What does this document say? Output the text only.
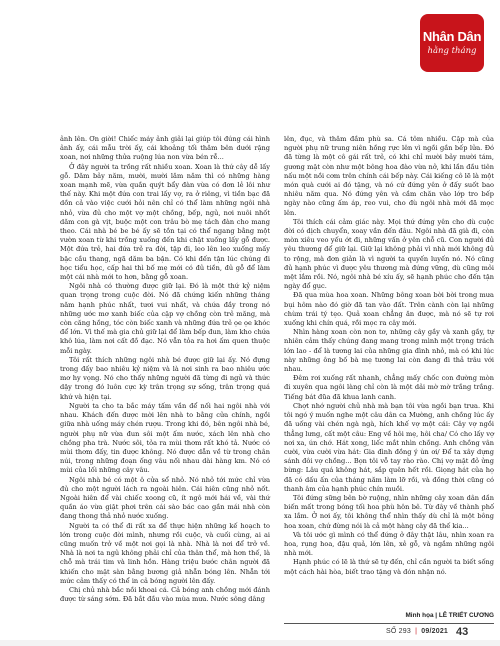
Nhân Dân
hằng tháng

ảnh lên. Ơn giời! Chiếc máy ảnh giải lại giúp tôi đúng cái hình ảnh ấy, cái mẫu trời ấy, cái khoảng tối thăm bên dưới rặng xoan, nơi những thửa ruộng lúa non vừa bén rễ...

Ở đây người ta trồng rất nhiều xoan. Xoan là thứ cây dễ lấy gỗ. Dăm bảy năm, mười, mười lăm năm thì có những hàng xoan mạnh mẽ, vừa quần quýt bẩy đàn vừa có đơn lẻ lôi như thế này. Khi một đứa con trai lấy vợ, ra ở riêng, vì tiền bạc đã dồn cả vào việc cưới hỏi nên chỉ có thể làm những ngôi nhà nhỏ, vừa đủ cho một vợ một chồng, bếp, ngủ, nơi nuôi nhốt dăm con gà vịt, buộc một con trâu bò mẹ tách đàn cho mang theo. Cái nhà bé be bé ấy sẽ tồn tại có thể ngang bằng một vườn xoan từ khi trồng xuống đến khi chặt xuống lấy gỗ được. Một đứa trẻ, hai đứa trẻ ra đời, tập đi, leo lên leo xuống mấy bậc cầu thang, ngã dăm ba bận. Có khi đến tận lúc chúng đi học tiểu học, cấp hai thì bố mẹ mới có đủ tiền, đủ gỗ để làm một cái nhà mới to hơn, bằng gỗ xoan.

Ngôi nhà có thường được giữ lại. Đó là một thứ kỷ niệm quan trọng trong cuộc đời. Nó đã chứng kiến những tháng năm hạnh phúc nhất, tươi vui nhất, và chứa đầy trong nó những ước mơ xanh biếc của cặp vợ chồng còn trẻ măng, mà còn căng hồng, tóc còn biếc xanh và những đứa trẻ ọe ọe khóc để lớn. Vì thế mà gia chủ giữ lại để làm bếp đun, làm kho chứa khô lúa, làm nơi cất đồ đạc. Nó vẫn tỏa ra hơi ấm quen thuộc mỗi ngày.

Tôi rất thích những ngôi nhà bé được giữ lại ấy. Nó đựng trong đấy bao nhiêu kỷ niệm và là nơi sinh ra bao nhiêu ước mơ hy vọng. Nó cho thấy những người đã từng đi ngủ và thức dậy trong đó luôn cực kỳ trân trọng sự sống, trân trọng quá khứ và hiện tại.

Người ta cho ta bắc máy tấm vần để nối hai ngôi nhà với nhau. Khách đến được mời lên nhà to bằng cửa chính, ngồi giữa nhà uống máy chén rượu. Trong khi đó, bên ngôi nhà bé, người phụ nữ vừa đun sôi một ấm nước, xách lên nhà cho chồng pha trà. Nước sôi, tỏa ra mùi thơm rất khó tả. Nước có mùi thơm đấy, tin được không. Nó được dẫn về từ trong chân núi, trong những đoạn ống vâu nối nhau dài hàng km. Nó có mùi của lối những cây vâu.

Ngôi nhà bé có một ô cửa sổ nhỏ. Nó nhỏ tới mức chỉ vừa đủ cho một người lách ra ngoài hiên. Cái hiên cũng nhỏ nốt. Ngoài hiên để vài chiếc xoong cũ, ít ngô mới hái về, vài thứ quần áo vừa giặt phơi trên cái sào bác cao gần mái nhà còn đang thong thả nhỏ nước xuống.

Người ta có thể đi rất xa để thực hiện những kế hoạch to lớn trong cuộc đời mình, nhưng rồi cuộc, và cuối cùng, ai ai cũng muốn trở về một nơi gọi là nhà. Nhà là nơi để trở về. Nhà là nơi ta ngủ không phải chỉ của thân thể, mà hơn thế, là chỗ mà trái tim và linh hồn. Hàng triệu bước chân người đã khiến cho mặt sàn bằng bương giả nhẵn bóng lên. Nhẵn tới mức cảm thấy có thể in cả bóng người lên đấy.

Chị chủ nhà bắc nồi khoai cá. Cả bóng anh chồng mới đánh được từ sáng sớm. Đã bắt đầu vào mùa mưa. Nước sông dâng

lên, đục, và thăm đầm phù sa. Cá tôm nhiều. Cặp mà của người phụ nữ trung niên hồng rực lên vì ngồi gần bếp lửa. Đó đã từng là một cô gái rất trẻ, có khi chỉ mười bảy mười tám, gương mặt còn như một bông hoa đào vừa nở, khi lần đầu tiên nấu một nồi cơm trên chính cái bếp này. Cái kiếng cô lẽ là một món quà cưới ai đó tặng, và nó cứ đứng yên ở đấy suốt bao nhiêu năm qua. Nó đứng yên và cầm chăn vào lớp tro bếp ngày nào cũng ấm áp, reo vui, cho đù ngôi nhà mới đã mọc lên.

Tôi thích cái cảm giác này. Mọi thứ đứng yên cho dù cuộc đời có dịch chuyển, xoay vần đến đâu. Ngôi nhà đã già đi, còn mòn xiêu veo yếu ớt đi, những vấn ở yên chỗ cũ. Con người đủ yêu thương để giữ lại. Giữ lại không phải vì nhà mới không đủ to rộng, mà đơn giản là vì người ta quyến luyến nó. Nó cũng đủ hạnh phúc vì được yêu thương mà đứng vững, dù cũng mỏi mệt lắm rồi. Nó, ngôi nhà bé xíu ấy, sẽ hạnh phúc cho đến tận ngày đổ gục.

Đã qua mùa hoa xoan. Những bông xoan bời bời trong mưa bụi hôm nào đó giờ đã tan vào đất. Trên cành còn lại những chùm trái tý tẹo. Quả xoan chẳng ăn được, mà nó sẽ tự rơi xuống khi chín quá, rồi mọc ra cây mới.

Nhìn hàng xoan còn non tơ, những cây gầy và xanh gầy, tự nhiên cảm thấy chúng đang mang trong mình một trọng trách lớn lao - để là tương lai của những gia đình nhỏ, mà có khi lúc này những ông bố bà mẹ tương lai còn đang đi thả trâu với nhau.

Đêm rơi xuống rất nhanh, chẳng mấy chốc con đường mòn đi xuyên qua ngôi làng chỉ còn là một dải mờ mờ trắng trắng. Tiếng bát đũa đã khua lanh canh.

Chợt nhớ người chủ nhà mà bạn tôi vừa ngồi bạn trưa. Khi tôi ngó ý muốn nghe một câu dân ca Mường, anh chồng lúc ấy đã uống vài chén ngà ngà, hích khế vợ một cái: Cây vợ ngồi thẳng lưng, cất một câu: Eng về hôi mẹ, hôi cha/ Có cho lấy vợ nơi xa, ún chớ. Hát xong, liếc mắt nhìn chồng. Anh chồng vân cười, vừa cười vừa hát: Gia đình đồng ý ún ơi/ Để ta xây dựng sánh đôi vợ chồng... Bọn tôi vỗ tay rào rào. Chị vợ mặt đỏ ửng bừng: Lâu quá không hát, sắp quên hết rồi. Giọng hát của họ đã có dấu ấn của tháng năm làm lỡ rồi, và đồng thời cũng có thanh âm của hạnh phúc chín muồi.

Tôi đứng sững bên bờ ruộng, nhìn những cây xoan dân dần biến mất trong bóng tối hoa phù hôn bê. Từ đây về thành phố xa lắm. Ở nơi ấy, tôi không thể nhìn thấy dù chỉ là một bông hoa xoan, chứ đừng nói là cả một hàng cây đã thế kia...

Và tôi ước gì mình có thể đứng ở đây thật lâu, nhìn xoan ra hoa, rụng hoa, đậu quả, lớn lên, xẻ gỗ, và ngắm những ngôi nhà mới.

Hạnh phúc có lẽ là thứ sẽ tự đến, chỉ cần người ta biết sống một cách hài hòa, biết trao tặng và đón nhận nó.

Minh họa | LÊ TRIẾT CƯƠNG
SỐ 293 | 09/2021 43
